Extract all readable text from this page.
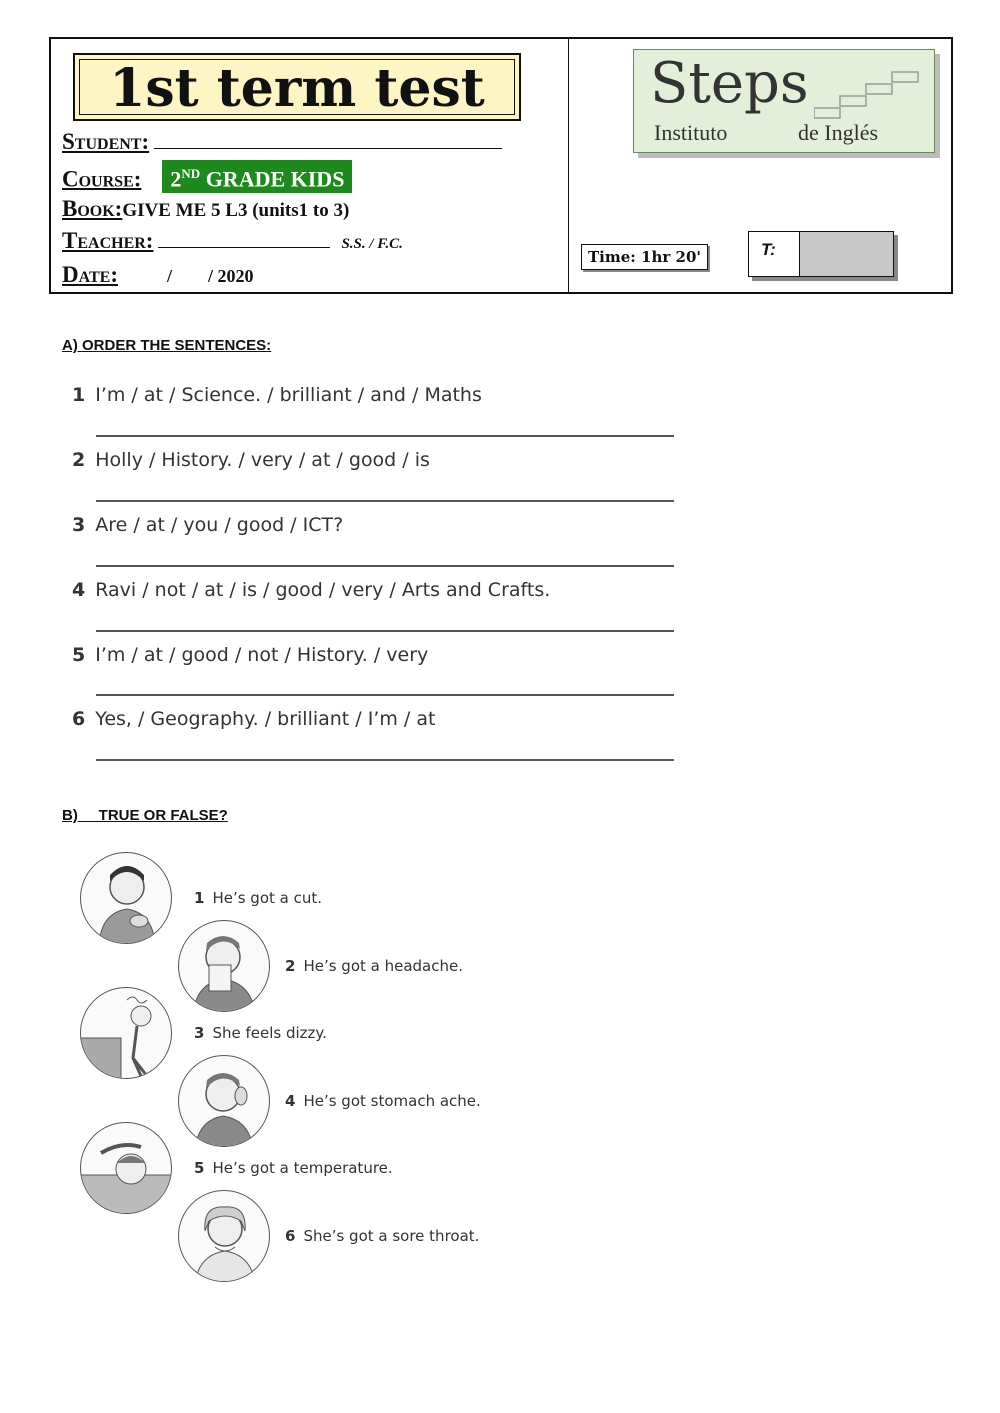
1st term test
Student:
Course: 2ND GRADE KIDS
Book:GIVE ME 5 L3 (units1 to 3)
Teacher:	S.S. / F.C.
Date:	/        / 2020
Steps
Instituto	de Inglés
Time: 1hr 20'	T:
A) ORDER THE SENTENCES:
1 I’m / at / Science. / brilliant / and / Maths
2 Holly / History. / very / at / good / is
3 Are / at / you / good / ICT?
4 Ravi / not / at / is / good / very / Arts and Crafts.
5 I’m / at / good / not / History. / very
6 Yes, / Geography. / brilliant / I’m / at
B)     TRUE OR FALSE?
1 He’s got a cut.
2 He’s got a headache.
3 She feels dizzy.
4 He’s got stomach ache.
5 He’s got a temperature.
6 She’s got a sore throat.
